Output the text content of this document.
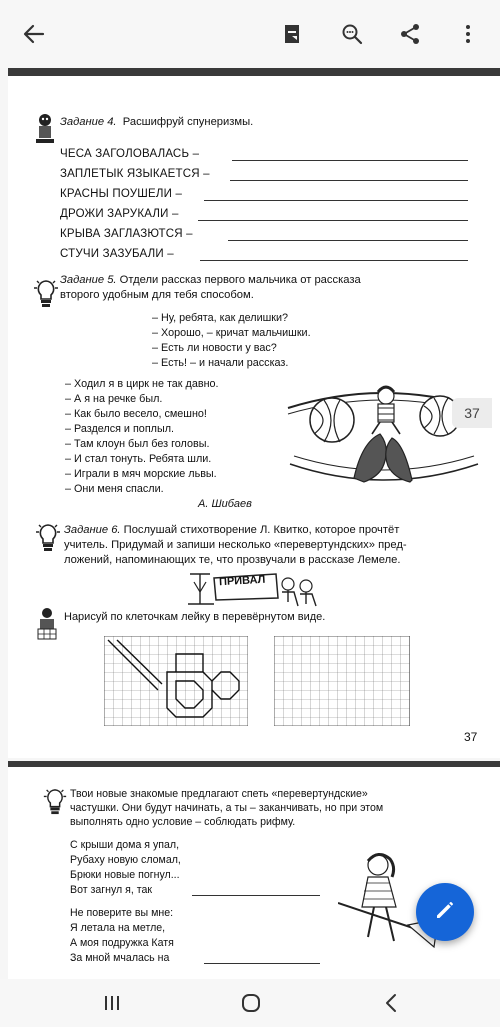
Задание 4. Расшифруй спунеризмы.
ЧЕСА ЗАГОЛОВАЛАСЬ –
ЗАПЛЕТЫК ЯЗЫКАЕТСЯ –
КРАСНЫ ПОУШЕЛИ –
ДРОЖИ ЗАРУКАЛИ –
КРЫВА ЗАГЛАЗЮТСЯ –
СТУЧИ ЗАЗУБАЛИ –
Задание 5. Отдели рассказ первого мальчика от рассказа
второго удобным для тебя способом.
– Ну, ребята, как делишки?
– Хорошо, – кричат мальчишки.
– Есть ли новости у вас?
– Есть! – и начали рассказ.
– Ходил я в цирк не так давно.
– А я на речке был.
– Как было весело, смешно!
– Разделся и поплыл.
– Там клоун был без головы.
– И стал тонуть. Ребята шли.
– Играли в мяч морские львы.
– Они меня спасли.
А. Шибаев
Задание 6. Послушай стихотворение Л. Квитко, которое прочтёт
учитель. Придумай и запиши несколько «перевертундских» пред-
ложений, напоминающих те, что прозвучали в рассказе Лемеле.
ПРИВАЛ
Нарисуй по клеточкам лейку в перевёрнутом виде.
37
37
Твои новые знакомые предлагают спеть «перевертундские»
частушки. Они будут начинать, а ты – заканчивать, но при этом
выполнять одно условие – соблюдать рифму.
С крыши дома я упал,
Рубаху новую сломал,
Брюки новые погнул...
Вот загнул я, так
Не поверите вы мне:
Я летала на метле,
А моя подружка Катя
За мной мчалась на
